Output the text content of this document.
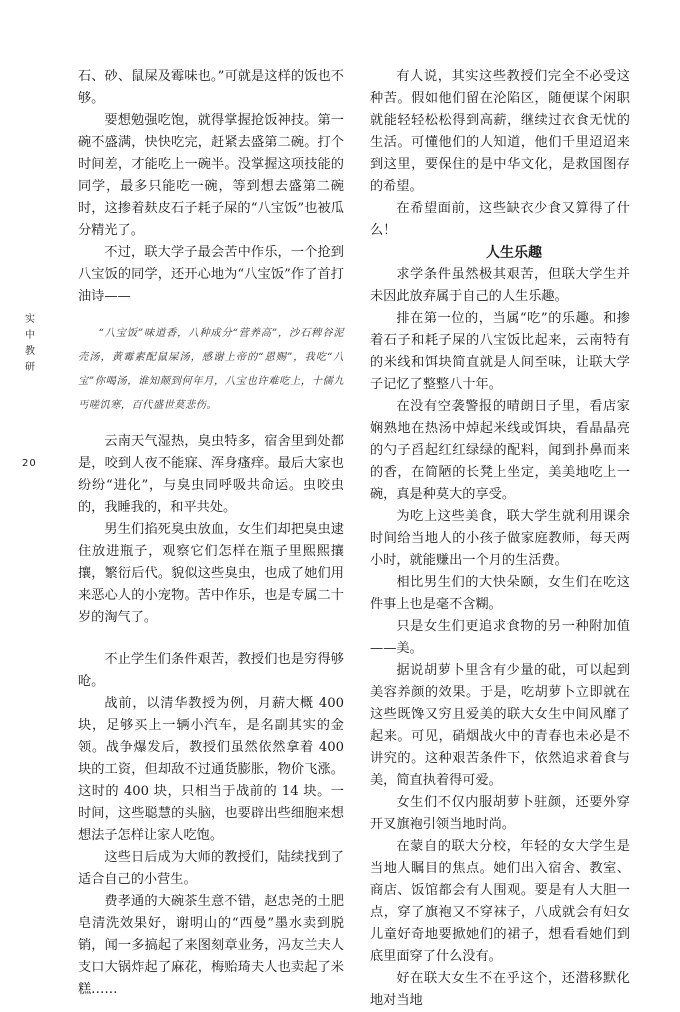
实
中
教
研
20

石、砂、鼠屎及霉味也。”可就是这样的饭也不够。

要想勉强吃饱，就得掌握抢饭神技。第一碗不盛满，快快吃完，赶紧去盛第二碗。打个时间差，才能吃上一碗半。没掌握这项技能的同学，最多只能吃一碗，等到想去盛第二碗时，这掺着麸皮石子耗子屎的“八宝饭”也被瓜分精光了。

不过，联大学子最会苦中作乐，一个抢到八宝饭的同学，还开心地为“八宝饭”作了首打油诗——

“八宝饭”味道香，八种成分“营养高”，沙石稗谷泥壳汤，黄霉素配鼠屎汤，感谢上帝的“恩赐”，我吃“八宝”你喝汤，谁知颠到何年月，八宝也许难吃上，十儒九丐嗟饥寒，百代盛世莫悲伤。

云南天气湿热，臭虫特多，宿舍里到处都是，咬到人夜不能寐、浑身瘙痒。最后大家也纷纷“进化”，与臭虫同呼吸共命运。虫咬虫的，我睡我的，和平共处。

男生们掐死臭虫放血，女生们却把臭虫逮住放进瓶子，观察它们怎样在瓶子里熙熙攘攘，繁衍后代。貌似这些臭虫，也成了她们用来恶心人的小宠物。苦中作乐，也是专属二十岁的淘气了。

不止学生们条件艰苦，教授们也是穷得够呛。

战前，以清华教授为例，月薪大概 400 块，足够买上一辆小汽车，是名副其实的金领。战争爆发后，教授们虽然依然拿着 400 块的工资，但却敌不过通货膨胀，物价飞涨。这时的 400 块，只相当于战前的 14 块。一时间，这些聪慧的头脑，也要辟出些细胞来想想法子怎样让家人吃饱。

这些日后成为大师的教授们，陆续找到了适合自己的小营生。

费孝通的大碗茶生意不错，赵忠尧的土肥皂清洗效果好，谢明山的“西曼”墨水卖到脱销，闻一多搞起了来图刻章业务，冯友兰夫人支口大锅炸起了麻花，梅贻琦夫人也卖起了米糕……

有人说，其实这些教授们完全不必受这种苦。假如他们留在沦陷区，随便谋个闲职就能轻轻松松得到高薪，继续过衣食无忧的生活。可懂他们的人知道，他们千里迢迢来到这里，要保住的是中华文化，是救国图存的希望。

在希望面前，这些缺衣少食又算得了什么！

人生乐趣

求学条件虽然极其艰苦，但联大学生并未因此放弃属于自己的人生乐趣。

排在第一位的，当属“吃”的乐趣。和掺着石子和耗子屎的八宝饭比起来，云南特有的米线和饵块简直就是人间至味，让联大学子记忆了整整八十年。

在没有空袭警报的晴朗日子里，看店家娴熟地在热汤中焯起米线或饵块，看晶晶亮的勺子舀起红红绿绿的配料，闻到扑鼻而来的香，在简陋的长凳上坐定，美美地吃上一碗，真是种莫大的享受。

为吃上这些美食，联大学生就利用课余时间给当地人的小孩子做家庭教师，每天两小时，就能赚出一个月的生活费。

相比男生们的大快朵颐，女生们在吃这件事上也是毫不含糊。

只是女生们更追求食物的另一种附加值——美。

据说胡萝卜里含有少量的砒，可以起到美容养颜的效果。于是，吃胡萝卜立即就在这些既馋又穷且爱美的联大女生中间风靡了起来。可见，硝烟战火中的青春也未必是不讲究的。这种艰苦条件下，依然追求着食与美，简直执着得可爱。

女生们不仅内服胡萝卜驻颜，还要外穿开叉旗袍引领当地时尚。

在蒙自的联大分校，年轻的女大学生是当地人瞩目的焦点。她们出入宿舍、教室、商店、饭馆都会有人围观。要是有人大胆一点，穿了旗袍又不穿袜子，八成就会有妇女儿童好奇地要掀她们的裙子，想看看她们到底里面穿了什么没有。

好在联大女生不在乎这个，还潜移默化地对当地
